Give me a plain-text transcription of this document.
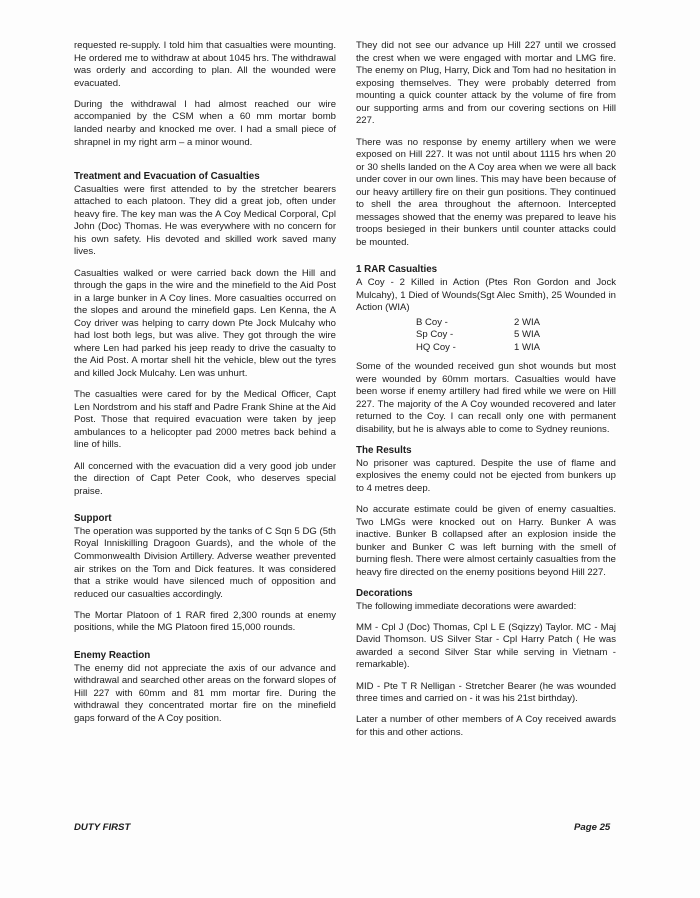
requested re-supply. I told him that casualties were mounting. He ordered me to withdraw at about 1045 hrs. The withdrawal was orderly and according to plan. All the wounded were evacuated.

During the withdrawal I had almost reached our wire accompanied by the CSM when a 60 mm mortar bomb landed nearby and knocked me over. I had a small piece of shrapnel in my right arm – a minor wound.

Treatment and Evacuation of Casualties

Casualties were first attended to by the stretcher bearers attached to each platoon. They did a great job, often under heavy fire. The key man was the A Coy Medical Corporal, Cpl John (Doc) Thomas. He was everywhere with no concern for his own safety. His devoted and skilled work saved many lives.

Casualties walked or were carried back down the Hill and through the gaps in the wire and the minefield to the Aid Post in a large bunker in A Coy lines. More casualties occurred on the slopes and around the minefield gaps. Len Kenna, the A Coy driver was helping to carry down Pte Jock Mulcahy who had lost both legs, but was alive. They got through the wire where Len had parked his jeep ready to drive the casualty to the Aid Post. A mortar shell hit the vehicle, blew out the tyres and killed Jock Mulcahy. Len was unhurt.

The casualties were cared for by the Medical Officer, Capt Len Nordstrom and his staff and Padre Frank Shine at the Aid Post. Those that required evacuation were taken by jeep ambulances to a helicopter pad 2000 metres back behind a line of hills.

All concerned with the evacuation did a very good job under the direction of Capt Peter Cook, who deserves special praise.

Support

The operation was supported by the tanks of C Sqn 5 DG (5th Royal Inniskilling Dragoon Guards), and the whole of the Commonwealth Division Artillery. Adverse weather prevented air strikes on the Tom and Dick features. It was considered that a strike would have silenced much of opposition and reduced our casualties accordingly.

The Mortar Platoon of 1 RAR fired 2,300 rounds at enemy positions, while the MG Platoon fired 15,000 rounds.

Enemy Reaction

The enemy did not appreciate the axis of our advance and withdrawal and searched other areas on the forward slopes of Hill 227 with 60mm and 81 mm mortar fire. During the withdrawal they concentrated mortar fire on the minefield gaps forward of the A Coy position.

They did not see our advance up Hill 227 until we crossed the crest when we were engaged with mortar and LMG fire. The enemy on Plug, Harry, Dick and Tom had no hesitation in exposing themselves. They were probably deterred from mounting a quick counter attack by the volume of fire from our supporting arms and from our covering sections on Hill 227.

There was no response by enemy artillery when we were exposed on Hill 227. It was not until about 1115 hrs when 20 or 30 shells landed on the A Coy area when we were all back under cover in our own lines. This may have been because of our heavy artillery fire on their gun positions. They continued to shell the area throughout the afternoon. Intercepted messages showed that the enemy was prepared to leave his troops besieged in their bunkers until counter attacks could be mounted.

1 RAR Casualties

A Coy - 2 Killed in Action (Ptes Ron Gordon and Jock Mulcahy), 1 Died of Wounds(Sgt Alec Smith), 25 Wounded in Action (WIA)

B Coy -	2 WIA
Sp Coy -	5 WIA
HQ Coy -	1 WIA

Some of the wounded received gun shot wounds but most were wounded by 60mm mortars. Casualties would have been worse if enemy artillery had fired while we were on Hill 227. The majority of the A Coy wounded recovered and later returned to the Coy. I can recall only one with permanent disability, but he is always able to come to Sydney reunions.

The Results

No prisoner was captured. Despite the use of flame and explosives the enemy could not be ejected from bunkers up to 4 metres deep.

No accurate estimate could be given of enemy casualties. Two LMGs were knocked out on Harry. Bunker A was inactive. Bunker B collapsed after an explosion inside the bunker and Bunker C was left burning with the smell of burning flesh. There were almost certainly casualties from the heavy fire directed on the enemy positions beyond Hill 227.

Decorations

The following immediate decorations were awarded:

MM - Cpl J (Doc) Thomas, Cpl L E (Sqizzy) Taylor. MC - Maj David Thomson. US Silver Star - Cpl Harry Patch ( He was awarded a second Silver Star while serving in Vietnam - remarkable).

MID - Pte T R Nelligan - Stretcher Bearer (he was wounded three times and carried on - it was his 21st birthday).

Later a number of other members of A Coy received awards for this and other actions.

DUTY FIRST	Page 25
